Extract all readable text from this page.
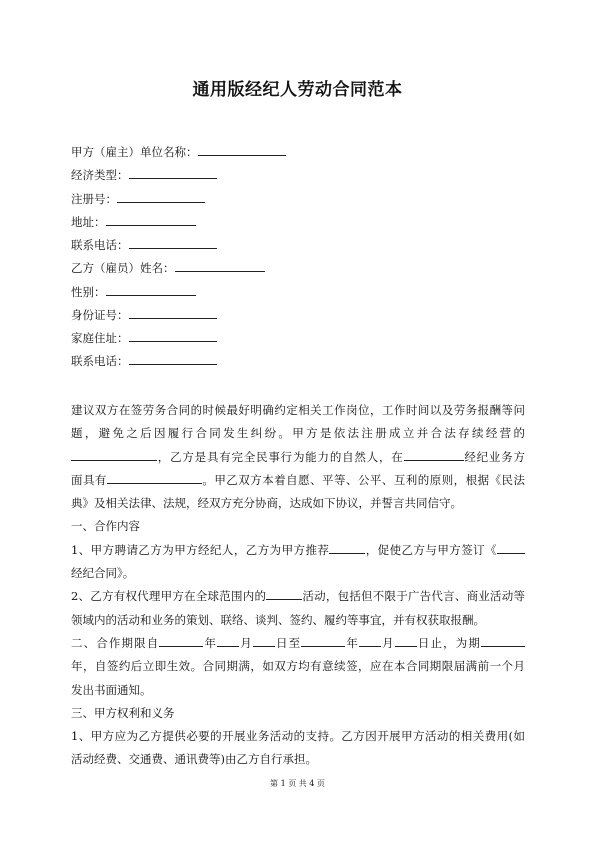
通用版经纪人劳动合同范本
甲方（雇主）单位名称：
经济类型：
注册号：
地址：
联系电话：
乙方（雇员）姓名：
性别：
身份证号：
家庭住址：
联系电话：

建议双方在签劳务合同的时候最好明确约定相关工作岗位，工作时间以及劳务报酬等问

题，避免之后因履行合同发生纠纷。甲方是依法注册成立并合法存续经营的

，乙方是具有完全民事行为能力的自然人，在	经纪业务方

面具有	。甲乙双方本着自愿、平等、公平、互利的原则，根据《民法

典》及相关法律、法规，经双方充分协商，达成如下协议，并誓言共同信守。

一、合作内容

1、甲方聘请乙方为甲方经纪人，乙方为甲方推荐	，促使乙方与甲方签订《

经纪合同》。

2、乙方有权代理甲方在全球范围内的	活动，包括但不限于广告代言、商业活动等

领域内的活动和业务的策划、联络、谈判、签约、履约等事宜，并有权获取报酬。

二、合作期限自	年 月 日至	年 月 日止，为期

年，自签约后立即生效。合同期满，如双方均有意续签，应在本合同期限届满前一个月

发出书面通知。

三、甲方权利和义务

1、甲方应为乙方提供必要的开展业务活动的支持。乙方因开展甲方活动的相关费用(如

活动经费、交通费、通讯费等)由乙方自行承担。

第 1 页 共 4 页
